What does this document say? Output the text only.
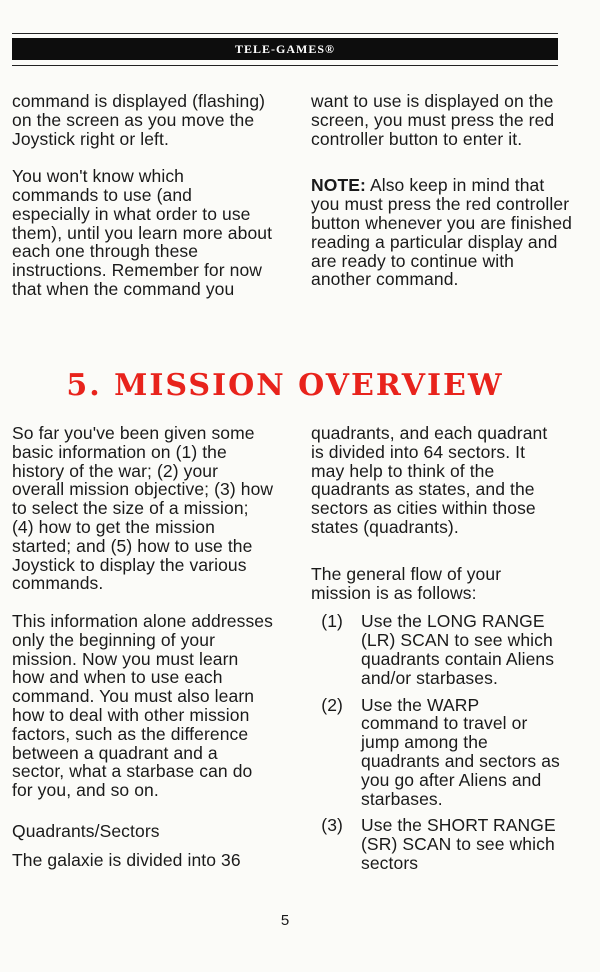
TELE-GAMES®

command is displayed (flashing) on the screen as you move the Joystick right or left.

You won't know which commands to use (and especially in what order to use them), until you learn more about each one through these instructions. Remember for now that when the command you

want to use is displayed on the screen, you must press the red controller button to enter it.

NOTE: Also keep in mind that you must press the red controller button whenever you are finished reading a particular display and are ready to continue with another command.

5. MISSION OVERVIEW

So far you've been given some basic information on (1) the history of the war; (2) your overall mission objective; (3) how to select the size of a mission; (4) how to get the mission started; and (5) how to use the Joystick to display the various commands.

This information alone addresses only the beginning of your mission. Now you must learn how and when to use each command. You must also learn how to deal with other mission factors, such as the difference between a quadrant and a sector, what a starbase can do for you, and so on.

Quadrants/Sectors

The galaxie is divided into 36

quadrants, and each quadrant is divided into 64 sectors. It may help to think of the quadrants as states, and the sectors as cities within those states (quadrants).

The general flow of your mission is as follows:

(1)	Use the LONG RANGE (LR) SCAN to see which quadrants contain Aliens and/or starbases.
(2)	Use the WARP command to travel or jump among the quadrants and sectors as you go after Aliens and starbases.
(3)	Use the SHORT RANGE (SR) SCAN to see which sectors
5
